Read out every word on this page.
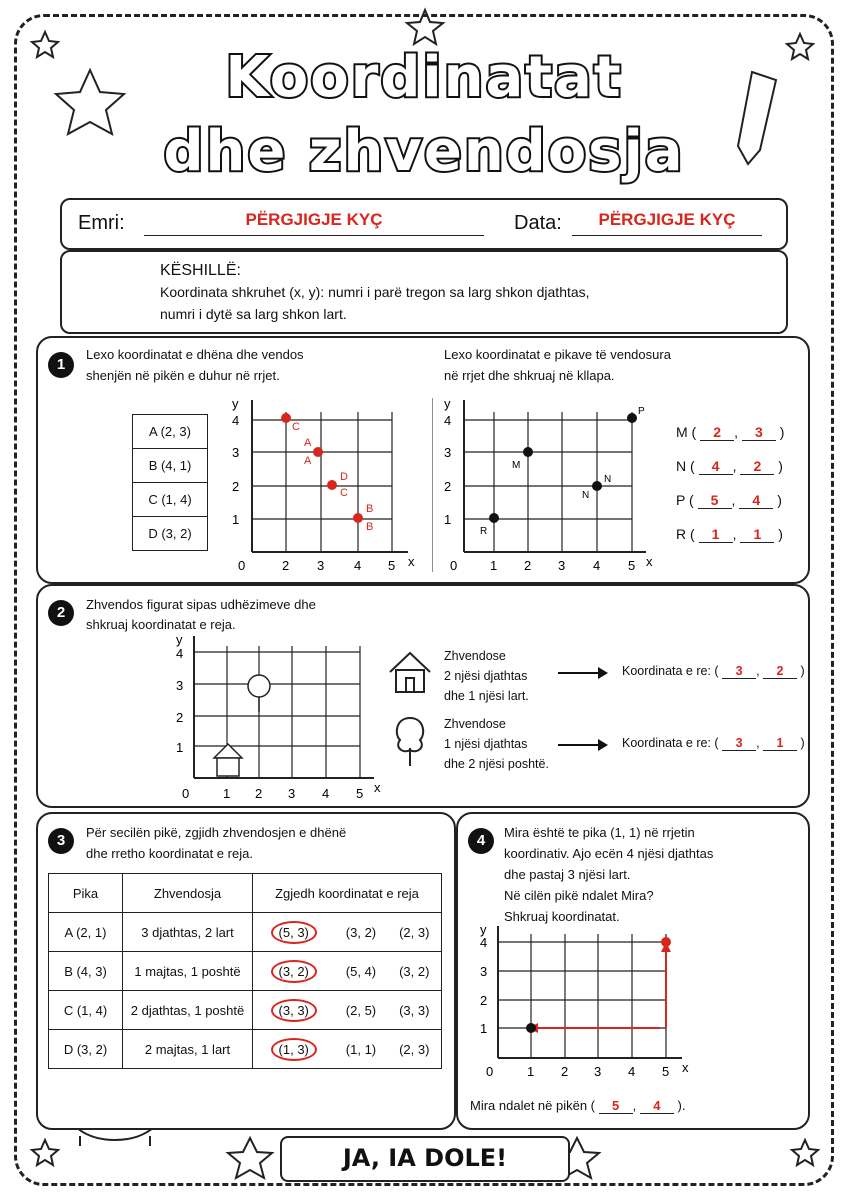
Koordinatat
dhe zhvendosja
Emri:	PËRGJIGJE KYÇ	Data:	PËRGJIGJE KYÇ
KËSHILLË:
Koordinata shkruhet (x, y): numri i parë tregon sa larg shkon djathtas,
numri i dytë sa larg shkon lart.
1
Lexo koordinatat e dhëna dhe vendos
shenjën në pikën e duhur në rrjet.
Lexo koordinatat e pikave të vendosura
në rrjet dhe shkruaj në kllapa.
A (2, 3)
B (4, 1)
C (1, 4)
D (3, 2)
y
4
3
2
1
0	2 3 4 5 x
C
A
A
D
C
B
B
y
4
3
2
1
0	1 2 3 4 5 x
M
N
N
P
R
M ( 2 , 3 )
N ( 4 , 2 )
P ( 5 , 4 )
R ( 1 , 1 )
2	Zhvendos figurat sipas udhëzimeve dhe
shkruaj koordinatat e reja.
y
4
3
2
1
0	1 2 3 4 5 x
Zhvendose
2 njësi djathtas
dhe 1 njësi lart.
Koordinata e re: ( 3 , 2 )
Zhvendose
1 njësi djathtas
dhe 2 njësi poshtë.
Koordinata e re: ( 3 , 1 )
3	Për secilën pikë, zgjidh zhvendosjen e dhënë
dhe rretho koordinatat e reja.
Pika	Zhvendosja	Zgjedh koordinatat e reja		
A (2, 1)	3 djathtas, 2 lart	(5, 3)	(3, 2)	(2, 3)
B (4, 3)	1 majtas, 1 poshtë	(3, 2)	(5, 4)	(3, 2)
C (1, 4)	2 djathtas, 1 poshtë	(3, 3)	(2, 5)	(3, 3)
D (3, 2)	2 majtas, 1 lart	(1, 3)	(1, 1)	(2, 3)
4	Mira është te pika (1, 1) në rrjetin
koordinativ. Ajo ecën 4 njësi djathtas
dhe pastaj 3 njësi lart.
Në cilën pikë ndalet Mira?
Shkruaj koordinatat.
y
4
3
2
1
0	1 2 3 4 5 x
Mira ndalet në pikën ( 5 , 4 ).
JA, IA DOLE!
